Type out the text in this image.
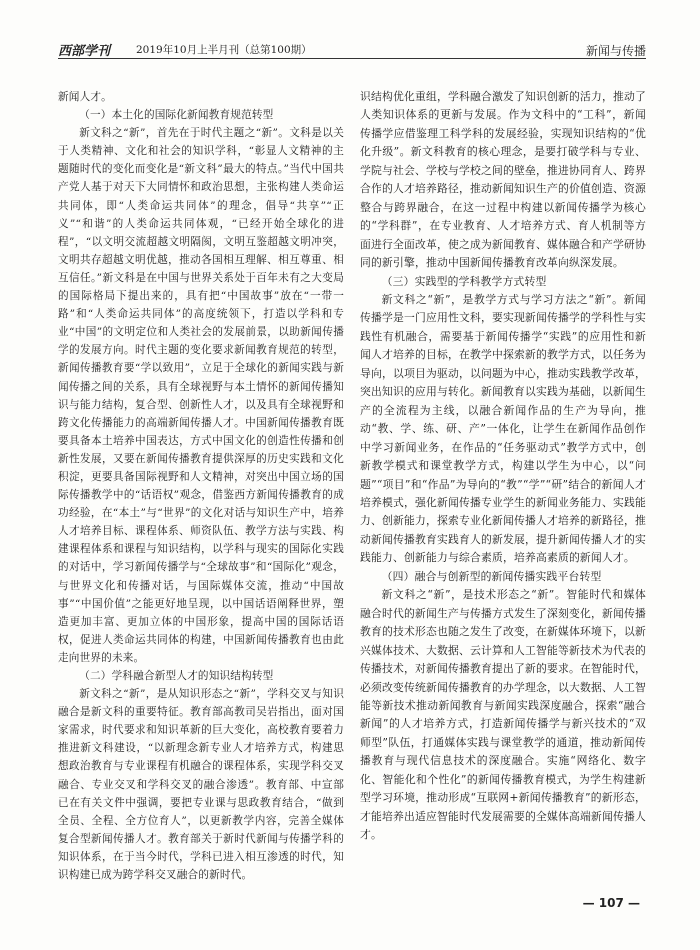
西部学刊 2019年10月上半月刊（总第100期）	新闻与传播

新闻人才。

（一）本土化的国际化新闻教育规范转型

新文科之“新”，首先在于时代主题之“新”。文科是以关于人类精神、文化和社会的知识学科，“彰显人文精神的主题随时代的变化而变化是“新文科”最大的特点。”当代中国共产党人基于对天下大同情怀和政治思想，主张构建人类命运共同体，即“人类命运共同体”的理念，倡导“共享”“正义”“和谐”的人类命运共同体观，“已经开始全球化的进程”，“以文明交流超越文明隔阂，文明互鉴超越文明冲突，文明共存超越文明优越，推动各国相互理解、相互尊重、相互信任。”新文科是在中国与世界关系处于百年未有之大变局的国际格局下提出来的，具有把“中国故事”放在“一带一路”和“人类命运共同体”的高度统领下，打造以学科和专业“中国”的文明定位和人类社会的发展前景，以助新闻传播学的发展方向。时代主题的变化要求新闻教育规范的转型，新闻传播教育要“学以致用”，立足于全球化的新闻实践与新闻传播之间的关系，具有全球视野与本土情怀的新闻传播知识与能力结构，复合型、创新性人才，以及具有全球视野和跨文化传播能力的高端新闻传播人才。中国新闻传播教育既要具备本土培养中国表达，方式中国文化的创造性传播和创新性发展，又要在新闻传播教育提供深厚的历史实践和文化积淀，更要具备国际视野和人文精神，对突出中国立场的国际传播教学中的“话语权”观念，借鉴西方新闻传播教育的成功经验，在“本土”与“世界”的文化对话与知识生产中，培养人才培养目标、课程体系、师资队伍、教学方法与实践、构建课程体系和课程与知识结构，以学科与现实的国际化实践的对话中，学习新闻传播学与“全球故事”和“国际化”观念，与世界文化和传播对话，与国际媒体交流，推动“中国故事”“中国价值”之能更好地呈现，以中国话语阐释世界，塑造更加丰富、更加立体的中国形象，提高中国的国际话语权，促进人类命运共同体的构建，中国新闻传播教育也由此走向世界的未来。

（二）学科融合新型人才的知识结构转型

新文科之“新”，是从知识形态之“新”，学科交叉与知识融合是新文科的重要特征。教育部高教司吴岩指出，面对国家需求，时代要求和知识革新的巨大变化，高校教育要着力推进新文科建设，“以新理念新专业人才培养方式，构建思想政治教育与专业课程有机融合的课程体系，实现学科交叉融合、专业交叉和学科交叉的融合渗透”。教育部、中宣部已在有关文件中强调，要把专业课与思政教育结合，“做到全员、全程、全方位育人”，以更新教学内容，完善全媒体复合型新闻传播人才。教育部关于新时代新闻与传播学科的知识体系，在于当今时代，学科已进入相互渗透的时代，知识构建已成为跨学科交叉融合的新时代。

识结构优化重组，学科融合激发了知识创新的活力，推动了人类知识体系的更新与发展。作为文科中的“工科”，新闻传播学应借鉴理工科学科的发展经验，实现知识结构的“优化升级”。新文科教育的核心理念，是要打破学科与专业、学院与社会、学校与学校之间的壁垒，推进协同育人、跨界合作的人才培养路径，推动新闻知识生产的价值创造、资源整合与跨界融合，在这一过程中构建以新闻传播学为核心的“学科群”，在专业教育、人才培养方式、育人机制等方面进行全面改革，使之成为新闻教育、媒体融合和产学研协同的新引擎，推动中国新闻传播教育改革向纵深发展。

（三）实践型的学科教学方式转型

新文科之“新”，是教学方式与学习方法之“新”。新闻传播学是一门应用性文科，要实现新闻传播学的学科性与实践性有机融合，需要基于新闻传播学“实践”的应用性和新闻人才培养的目标，在教学中探索新的教学方式，以任务为导向，以项目为驱动，以问题为中心，推动实践教学改革，突出知识的应用与转化。新闻教育以实践为基础，以新闻生产的全流程为主线，以融合新闻作品的生产为导向，推动“教、学、练、研、产”一体化，让学生在新闻作品创作中学习新闻业务，在作品的“任务驱动式”教学方式中，创新教学模式和课堂教学方式，构建以学生为中心，以“问题”“项目”和“作品”为导向的“教”“学”“研”结合的新闻人才培养模式，强化新闻传播专业学生的新闻业务能力、实践能力、创新能力，探索专业化新闻传播人才培养的新路径，推动新闻传播教育实践育人的新发展，提升新闻传播人才的实践能力、创新能力与综合素质，培养高素质的新闻人才。

（四）融合与创新型的新闻传播实践平台转型

新文科之“新”，是技术形态之“新”。智能时代和媒体融合时代的新闻生产与传播方式发生了深刻变化，新闻传播教育的技术形态也随之发生了改变，在新媒体环境下，以新兴媒体技术、大数据、云计算和人工智能等新技术为代表的传播技术，对新闻传播教育提出了新的要求。在智能时代，必须改变传统新闻传播教育的办学理念，以大数据、人工智能等新技术推动新闻教育与新闻实践深度融合，探索“融合新闻”的人才培养方式，打造新闻传播学与新兴技术的“双师型”队伍，打通媒体实践与课堂教学的通道，推动新闻传播教育与现代信息技术的深度融合。实施“网络化、数字化、智能化和个性化”的新闻传播教育模式，为学生构建新型学习环境，推动形成“互联网+新闻传播教育”的新形态，才能培养出适应智能时代发展需要的全媒体高端新闻传播人才。

— 107 —
